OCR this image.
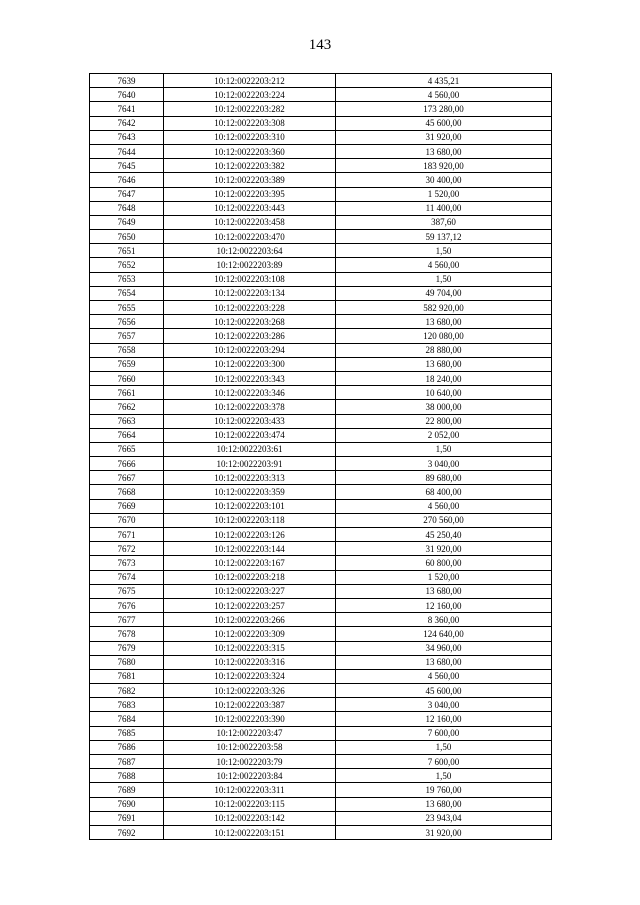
143
7639	10:12:0022203:212	4 435,21
7640	10:12:0022203:224	4 560,00
7641	10:12:0022203:282	173 280,00
7642	10:12:0022203:308	45 600,00
7643	10:12:0022203:310	31 920,00
7644	10:12:0022203:360	13 680,00
7645	10:12:0022203:382	183 920,00
7646	10:12:0022203:389	30 400,00
7647	10:12:0022203:395	1 520,00
7648	10:12:0022203:443	11 400,00
7649	10:12:0022203:458	387,60
7650	10:12:0022203:470	59 137,12
7651	10:12:0022203:64	1,50
7652	10:12:0022203:89	4 560,00
7653	10:12:0022203:108	1,50
7654	10:12:0022203:134	49 704,00
7655	10:12:0022203:228	582 920,00
7656	10:12:0022203:268	13 680,00
7657	10:12:0022203:286	120 080,00
7658	10:12:0022203:294	28 880,00
7659	10:12:0022203:300	13 680,00
7660	10:12:0022203:343	18 240,00
7661	10:12:0022203:346	10 640,00
7662	10:12:0022203:378	38 000,00
7663	10:12:0022203:433	22 800,00
7664	10:12:0022203:474	2 052,00
7665	10:12:0022203:61	1,50
7666	10:12:0022203:91	3 040,00
7667	10:12:0022203:313	89 680,00
7668	10:12:0022203:359	68 400,00
7669	10:12:0022203:101	4 560,00
7670	10:12:0022203:118	270 560,00
7671	10:12:0022203:126	45 250,40
7672	10:12:0022203:144	31 920,00
7673	10:12:0022203:167	60 800,00
7674	10:12:0022203:218	1 520,00
7675	10:12:0022203:227	13 680,00
7676	10:12:0022203:257	12 160,00
7677	10:12:0022203:266	8 360,00
7678	10:12:0022203:309	124 640,00
7679	10:12:0022203:315	34 960,00
7680	10:12:0022203:316	13 680,00
7681	10:12:0022203:324	4 560,00
7682	10:12:0022203:326	45 600,00
7683	10:12:0022203:387	3 040,00
7684	10:12:0022203:390	12 160,00
7685	10:12:0022203:47	7 600,00
7686	10:12:0022203:58	1,50
7687	10:12:0022203:79	7 600,00
7688	10:12:0022203:84	1,50
7689	10:12:0022203:311	19 760,00
7690	10:12:0022203:115	13 680,00
7691	10:12:0022203:142	23 943,04
7692	10:12:0022203:151	31 920,00
